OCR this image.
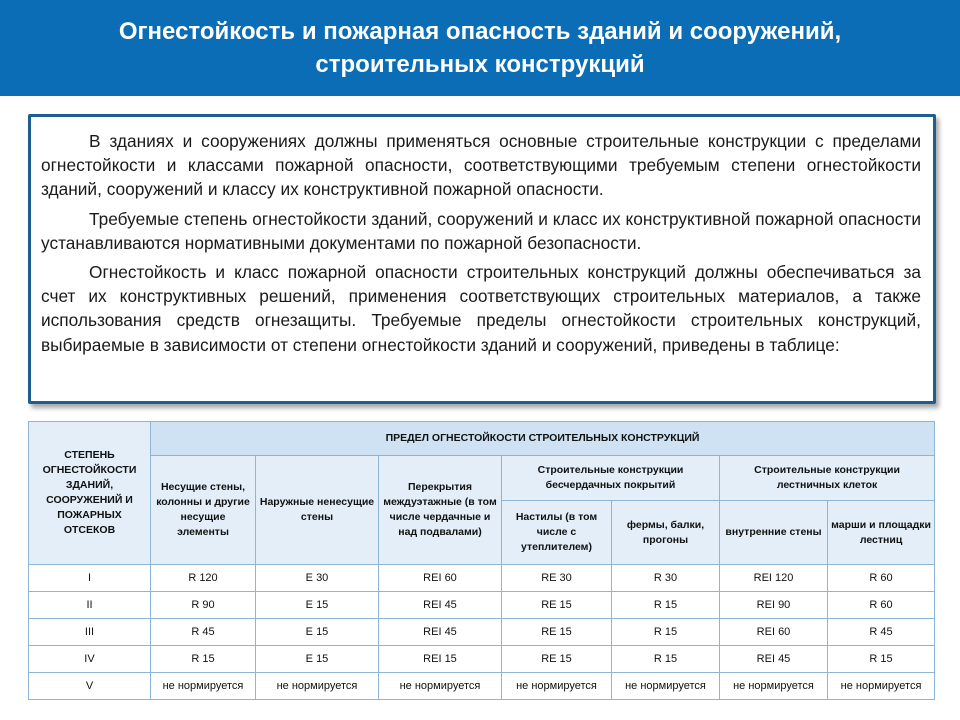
Огнестойкость и пожарная опасность зданий и сооружений, строительных конструкций

В зданиях и сооружениях должны применяться основные строительные конструкции с пределами огнестойкости и классами пожарной опасности, соответствующими требуемым степени огнестойкости зданий, сооружений и классу их конструктивной пожарной опасности.

Требуемые степень огнестойкости зданий, сооружений и класс их конструктивной пожарной опасности устанавливаются нормативными документами по пожарной безопасности.

Огнестойкость и класс пожарной опасности строительных конструкций должны обеспечиваться за счет их конструктивных решений, применения соответствующих строительных материалов, а также использования средств огнезащиты. Требуемые пределы огнестойкости строительных конструкций, выбираемые в зависимости от степени огнестойкости зданий и сооружений, приведены в таблице:

СТЕПЕНЬ ОГНЕСТОЙКОСТИ ЗДАНИЙ, СООРУЖЕНИЙ И ПОЖАРНЫХ ОТСЕКОВ	ПРЕДЕЛ ОГНЕСТОЙКОСТИ СТРОИТЕЛЬНЫХ КОНСТРУКЦИЙ						
	Несущие стены, колонны и другие несущие элементы	Наружные ненесущие стены	Перекрытия междуэтажные (в том числе чердачные и над подвалами)	Строительные конструкции бесчердачных покрытий		Строительные конструкции лестничных клеток	
				Настилы (в том числе с утеплителем)	фермы, балки, прогоны	внутренние стены	марши и площадки лестниц
I	R 120	E 30	REI 60	RE 30	R 30	REI 120	R 60
II	R 90	E 15	REI 45	RE 15	R 15	REI 90	R 60
III	R 45	E 15	REI 45	RE 15	R 15	REI 60	R 45
IV	R 15	E 15	REI 15	RE 15	R 15	REI 45	R 15
V	не нормируется	не нормируется	не нормируется	не нормируется	не нормируется	не нормируется	не нормируется
